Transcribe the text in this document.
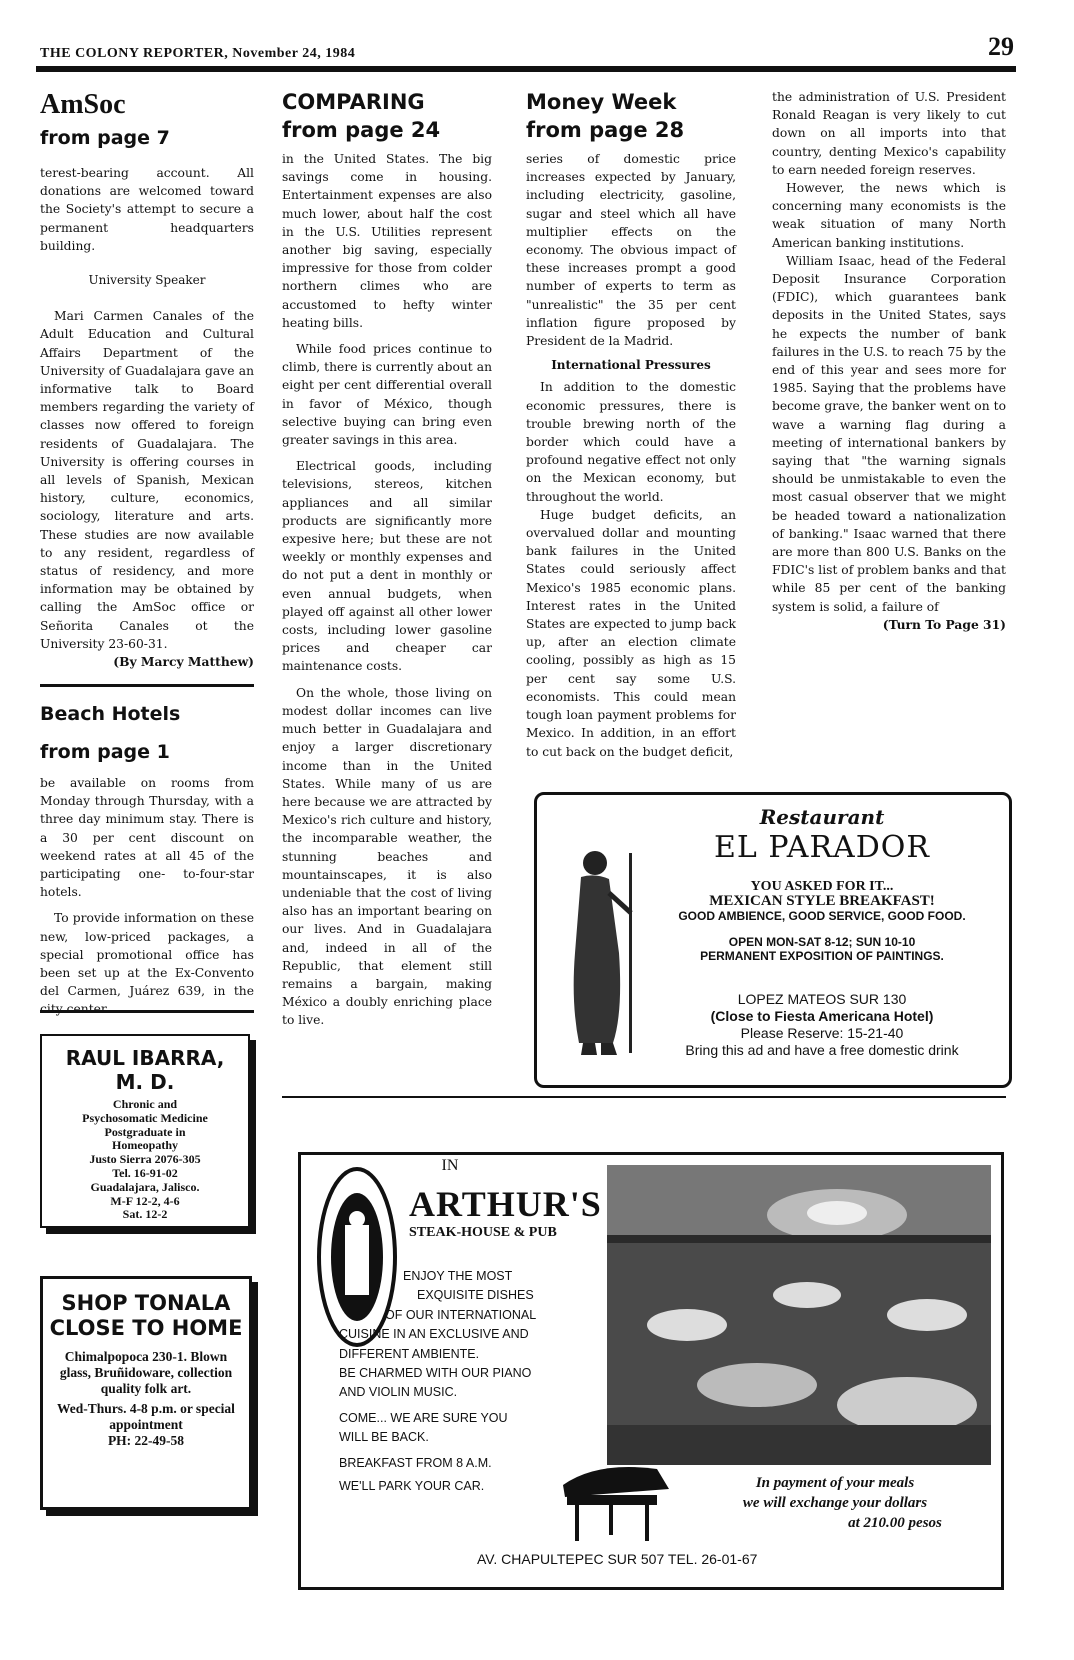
THE COLONY REPORTER, November 24, 1984	29
AmSoc
from page 7

terest-bearing account. All donations are welcomed toward the Society's attempt to secure a permanent headquarters building.

University Speaker

Mari Carmen Canales of the Adult Education and Cultural Affairs Department of the University of Guadalajara gave an informative talk to Board members regarding the variety of classes now offered to foreign residents of Guadalajara. The University is offering courses in all levels of Spanish, Mexican history, culture, economics, sociology, literature and arts. These studies are now available to any resident, regardless of status of residency, and more information may be obtained by calling the AmSoc office or Señorita Canales ot the University 23-60-31.

(By Marcy Matthew)
Beach Hotels
from page 1

be available on rooms from Monday through Thursday, with a three day minimum stay. There is a 30 per cent discount on weekend rates at all 45 of the participating one- to-four-star hotels.

To provide information on these new, low-priced packages, a special promotional office has been set up at the Ex-Convento del Carmen, Juárez 639, in the

RAUL IBARRA,
M. D.
Chronic and
Psychosomatic Medicine
Postgraduate in
Homeopathy
Justo Sierra 2076-305
Tel. 16-91-02
Guadalajara, Jalisco.
M-F 12-2, 4-6
Sat. 12-2
SHOP TONALA CLOSE TO HOME
Chimalpopoca 230-1. Blown glass, Bruñidoware, collection quality folk art.
Wed-Thurs. 4-8 p.m. or special appointment
PH: 22-49-58
COMPARING
from page 24

in the United States. The big savings come in housing. Entertainment expenses are also much lower, about half the cost in the U.S. Utilities represent another big saving, especially impressive for those from colder northern climes who are accustomed to hefty winter heating bills.

While food prices continue to climb, there is currently about an eight per cent differential overall in favor of México, though selective buying can bring even greater savings in this area.

Electrical goods, including televisions, stereos, kitchen appliances and all similar products are significantly more expesive here; but these are not weekly or monthly expenses and do not put a dent in monthly or even annual budgets, when played off against all other lower costs, including lower gasoline prices and cheaper car maintenance costs.

On the whole, those living on modest dollar incomes can live much better in Guadalajara and enjoy a larger discretionary income than in the United States. While many of us are here because we are attracted by Mexico's rich culture and history, the incomparable weather, the stunning beaches and mountainscapes, it is also undeniable that the cost of living also has an important bearing on our lives. And in Guadalajara and, indeed in all of the Republic, that element still remains a bargain, making México a doubly enriching place to live.

Money Week
from page 28

series of domestic price increases expected by January, including electricity, gasoline, sugar and steel which all have multiplier effects on the economy. The obvious impact of these increases prompt a good number of experts to term as "unrealistic" the 35 per cent inflation figure proposed by President de la Madrid.

International Pressures

In addition to the domestic economic pressures, there is trouble brewing north of the border which could have a profound negative effect not only on the Mexican economy, but throughout the world.

Huge budget deficits, an overvalued dollar and mounting bank failures in the United States could seriously affect Mexico's 1985 economic plans. Interest rates in the United States are expected to jump back up, after an election climate cooling, possibly as high as 15 per cent say some U.S. economists. This could mean tough loan payment problems for Mexico. In addition, in an effort to cut back on the budget deficit,

the administration of U.S. President Ronald Reagan is very likely to cut down on all imports into that country, denting Mexico's capability to earn needed foreign reserves.

However, the news which is concerning many economists is the weak situation of many North American banking institutions.

William Isaac, head of the Federal Deposit Insurance Corporation (FDIC), which guarantees bank deposits in the United States, says he expects the number of bank failures in the U.S. to reach 75 by the end of this year and sees more for 1985. Saying that the problems have become grave, the banker went on to wave a warning flag during a meeting of international bankers by saying that "the warning signals should be unmistakable to even the most casual observer that we might be headed toward a nationalization of banking." Isaac warned that there are more than 800 U.S. Banks on the FDIC's list of problem banks and that while 85 per cent of the banking system is solid, a failure of

(Turn To Page 31)
Restaurant
EL PARADOR
YOU ASKED FOR IT...
MEXICAN STYLE BREAKFAST!
GOOD AMBIENCE, GOOD SERVICE, GOOD FOOD.
OPEN MON-SAT 8-12; SUN 10-10
PERMANENT EXPOSITION OF PAINTINGS.
LOPEZ MATEOS SUR 130
(Close to Fiesta Americana Hotel)
Please Reserve: 15-21-40
Bring this ad and have a free domestic drink
IN
ARTHUR'S
STEAK-HOUSE & PUB
ENJOY THE MOST
EXQUISITE DISHES
OF OUR INTERNATIONAL
CUISINE IN AN EXCLUSIVE AND
DIFFERENT AMBIENTE.
BE CHARMED WITH OUR PIANO
AND VIOLIN MUSIC.
COME... WE ARE SURE YOU
WILL BE BACK.
BREAKFAST FROM 8 A.M.
WE'LL PARK YOUR CAR.	In payment of your meals
we will exchange your dollars
at 210.00 pesos
AV. CHAPULTEPEC SUR 507 TEL. 26-01-67
